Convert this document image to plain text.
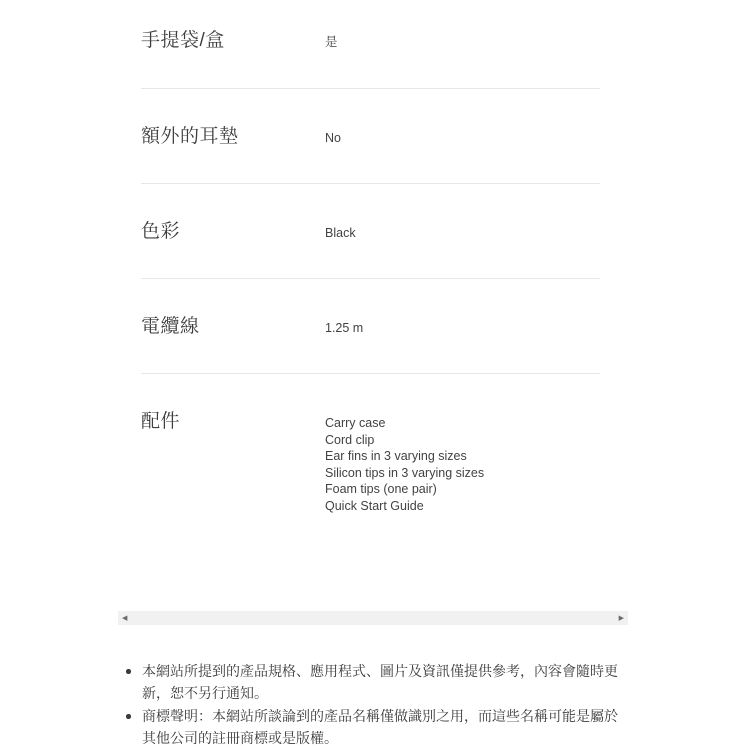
手提袋/盒	是
額外的耳墊	No
色彩	Black
電纜線	1.25 m
配件	Carry case
Cord clip
Ear fins in 3 varying sizes
Silicon tips in 3 varying sizes
Foam tips (one pair)
Quick Start Guide
◀	▶
本網站所提到的產品規格、應用程式、圖片及資訊僅提供參考，內容會隨時更新，恕不另行通知。
商標聲明：本網站所談論到的產品名稱僅做識別之用，而這些名稱可能是屬於其他公司的註冊商標或是版權。
